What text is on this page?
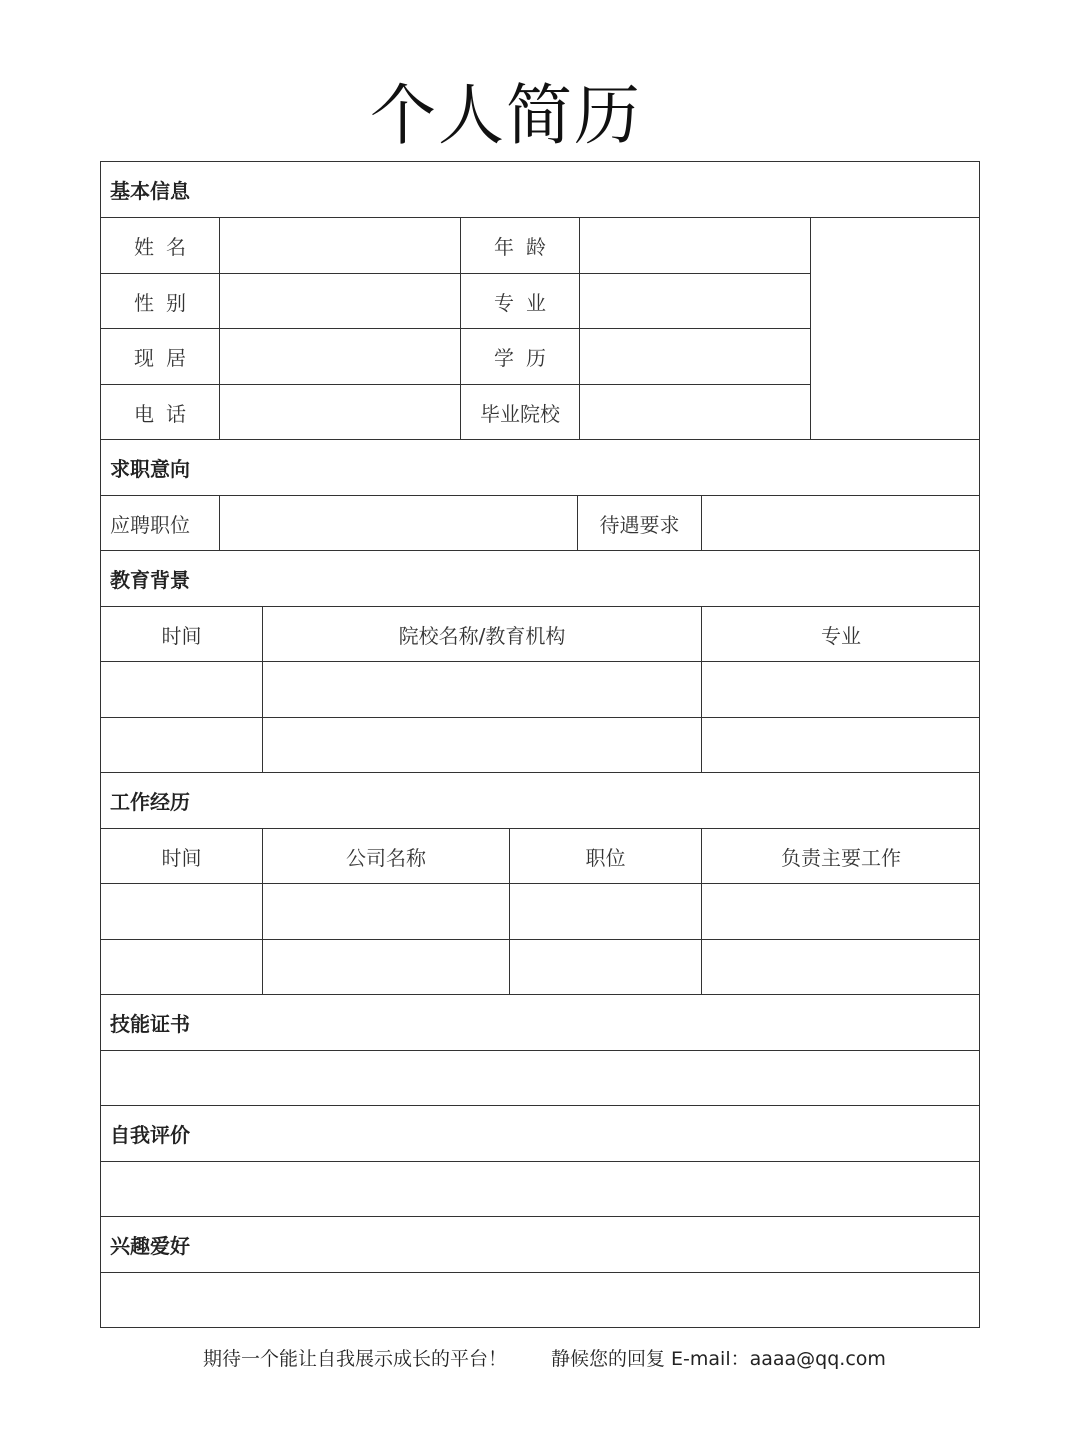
个人简历
基本信息
姓名	年龄
性别	专业
现居	学历
电话	毕业院校
求职意向
应聘职位	待遇要求
教育背景
时间	院校名称/教育机构	专业
工作经历
时间	公司名称	职位	负责主要工作
技能证书
自我评价
兴趣爱好
期待一个能让自我展示成长的平台！ 静候您的回复 E-mail：aaaa@qq.com
